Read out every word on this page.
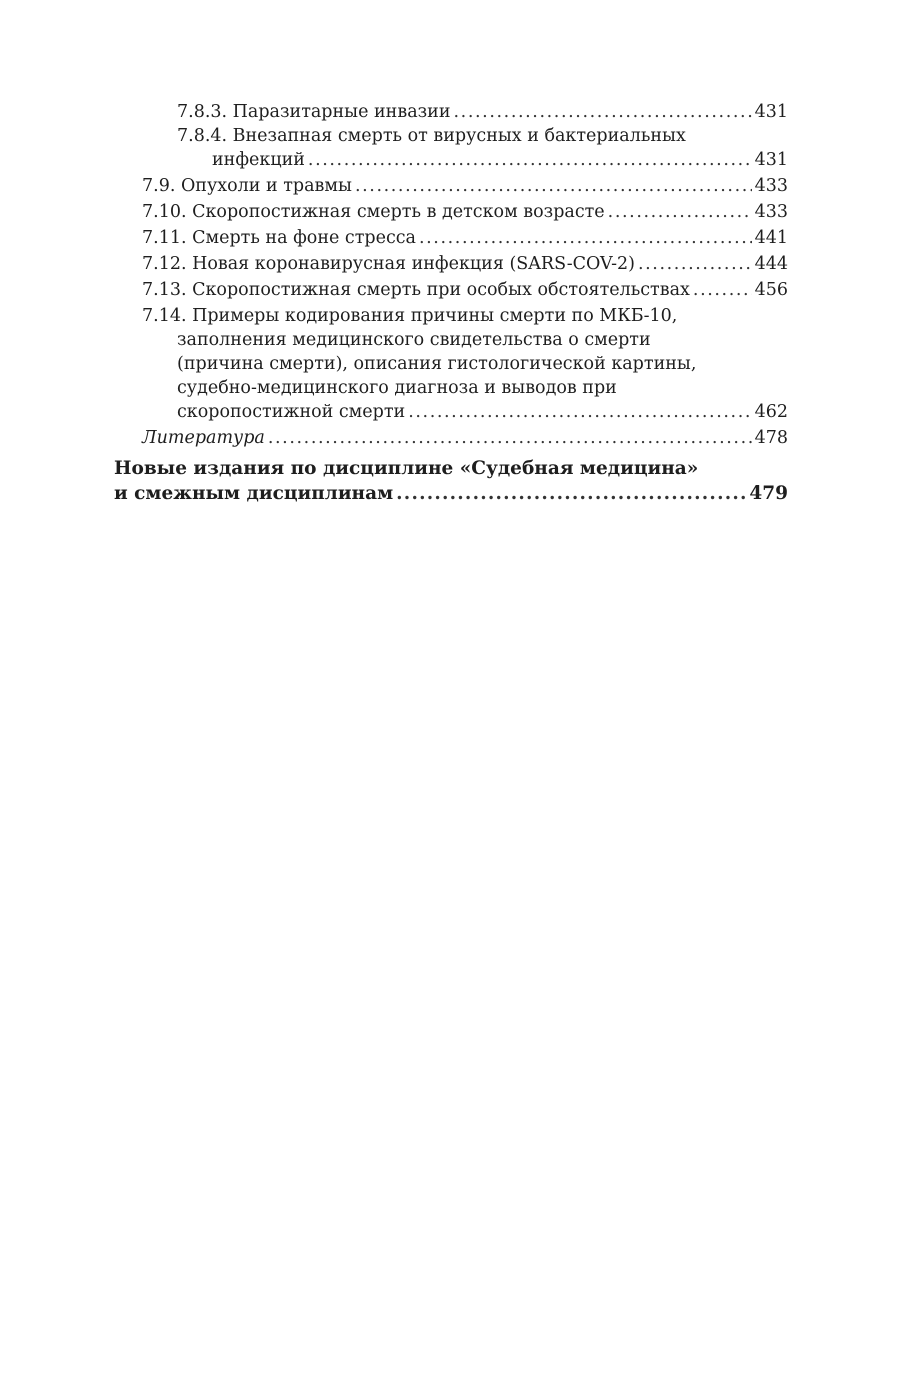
7.8.3. Паразитарные инвазии .....	431
7.8.4. Внезапная смерть от вирусных и бактериальных
инфекций .....	431
7.9. Опухоли и травмы .....	433
7.10. Скоропостижная смерть в детском возрасте .....	433
7.11. Смерть на фоне стресса .....	441
7.12. Новая коронавирусная инфекция (SARS-COV-2) .....	444
7.13. Скоропостижная смерть при особых обстоятельствах .....	456
7.14. Примеры кодирования причины смерти по МКБ-10,
заполнения медицинского свидетельства о смерти
(причина смерти), описания гистологической картины,
судебно-медицинского диагноза и выводов при
скоропостижной смерти .....	462
Литература .....	478
Новые издания по дисциплине «Судебная медицина»
и смежным дисциплинам .....	479
